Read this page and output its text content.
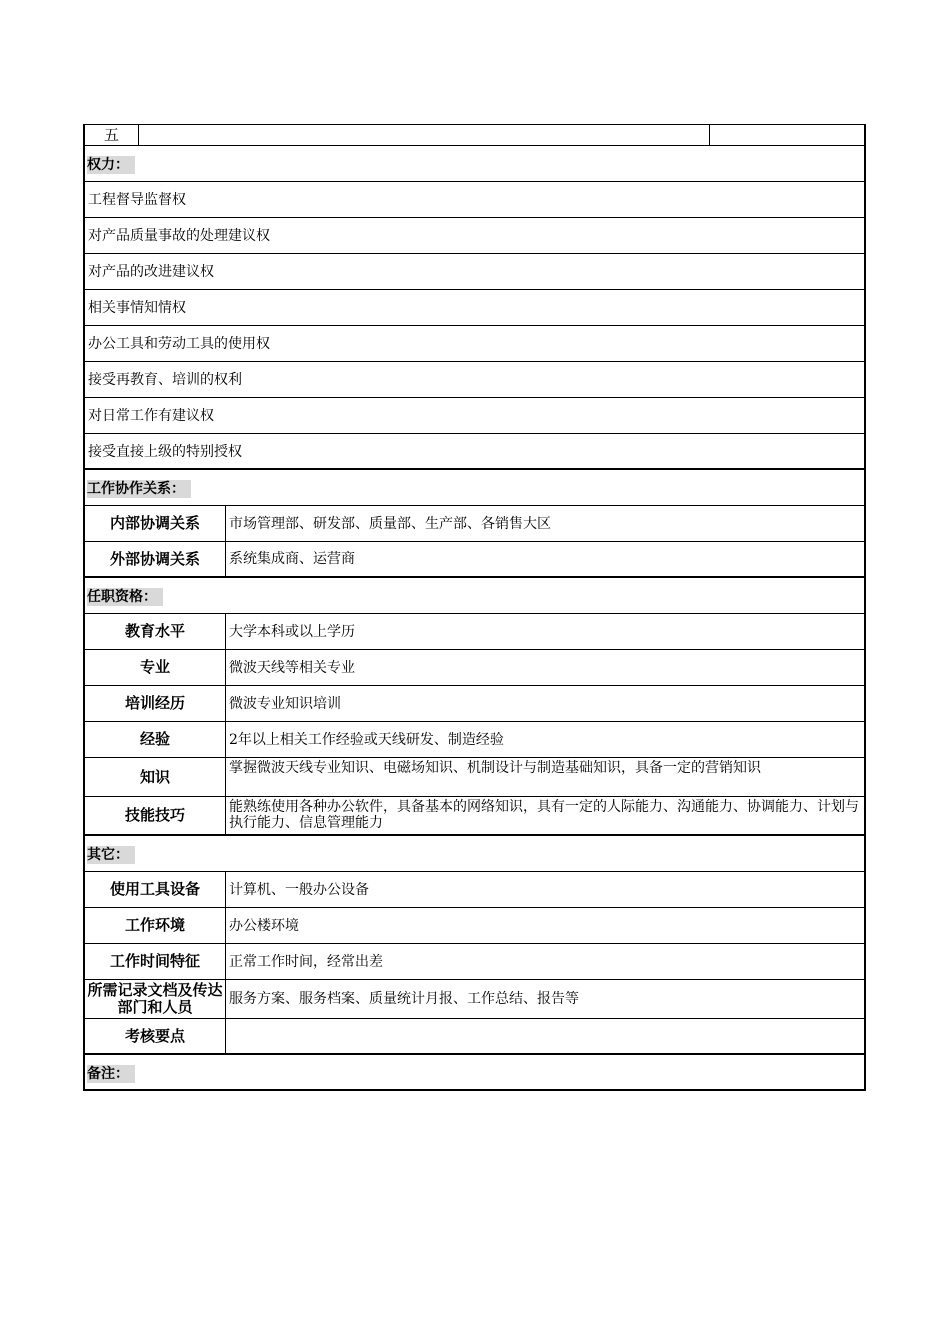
五
权力：
工程督导监督权
对产品质量事故的处理建议权
对产品的改进建议权
相关事情知情权
办公工具和劳动工具的使用权
接受再教育、培训的权利
对日常工作有建议权
接受直接上级的特别授权
工作协作关系：
内部协调关系	市场管理部、研发部、质量部、生产部、各销售大区
外部协调关系	系统集成商、运营商
任职资格：
教育水平	大学本科或以上学历
专业	微波天线等相关专业
培训经历	微波专业知识培训
经验	2年以上相关工作经验或天线研发、制造经验
知识	掌握微波天线专业知识、电磁场知识、机制设计与制造基础知识，具备一定的营销知识
技能技巧	能熟练使用各种办公软件，具备基本的网络知识，具有一定的人际能力、沟通能力、协调能力、计划与执行能力、信息管理能力
其它：
使用工具设备	计算机、一般办公设备
工作环境	办公楼环境
工作时间特征	正常工作时间，经常出差
所需记录文档及传达部门和人员	服务方案、服务档案、质量统计月报、工作总结、报告等
考核要点
备注：
